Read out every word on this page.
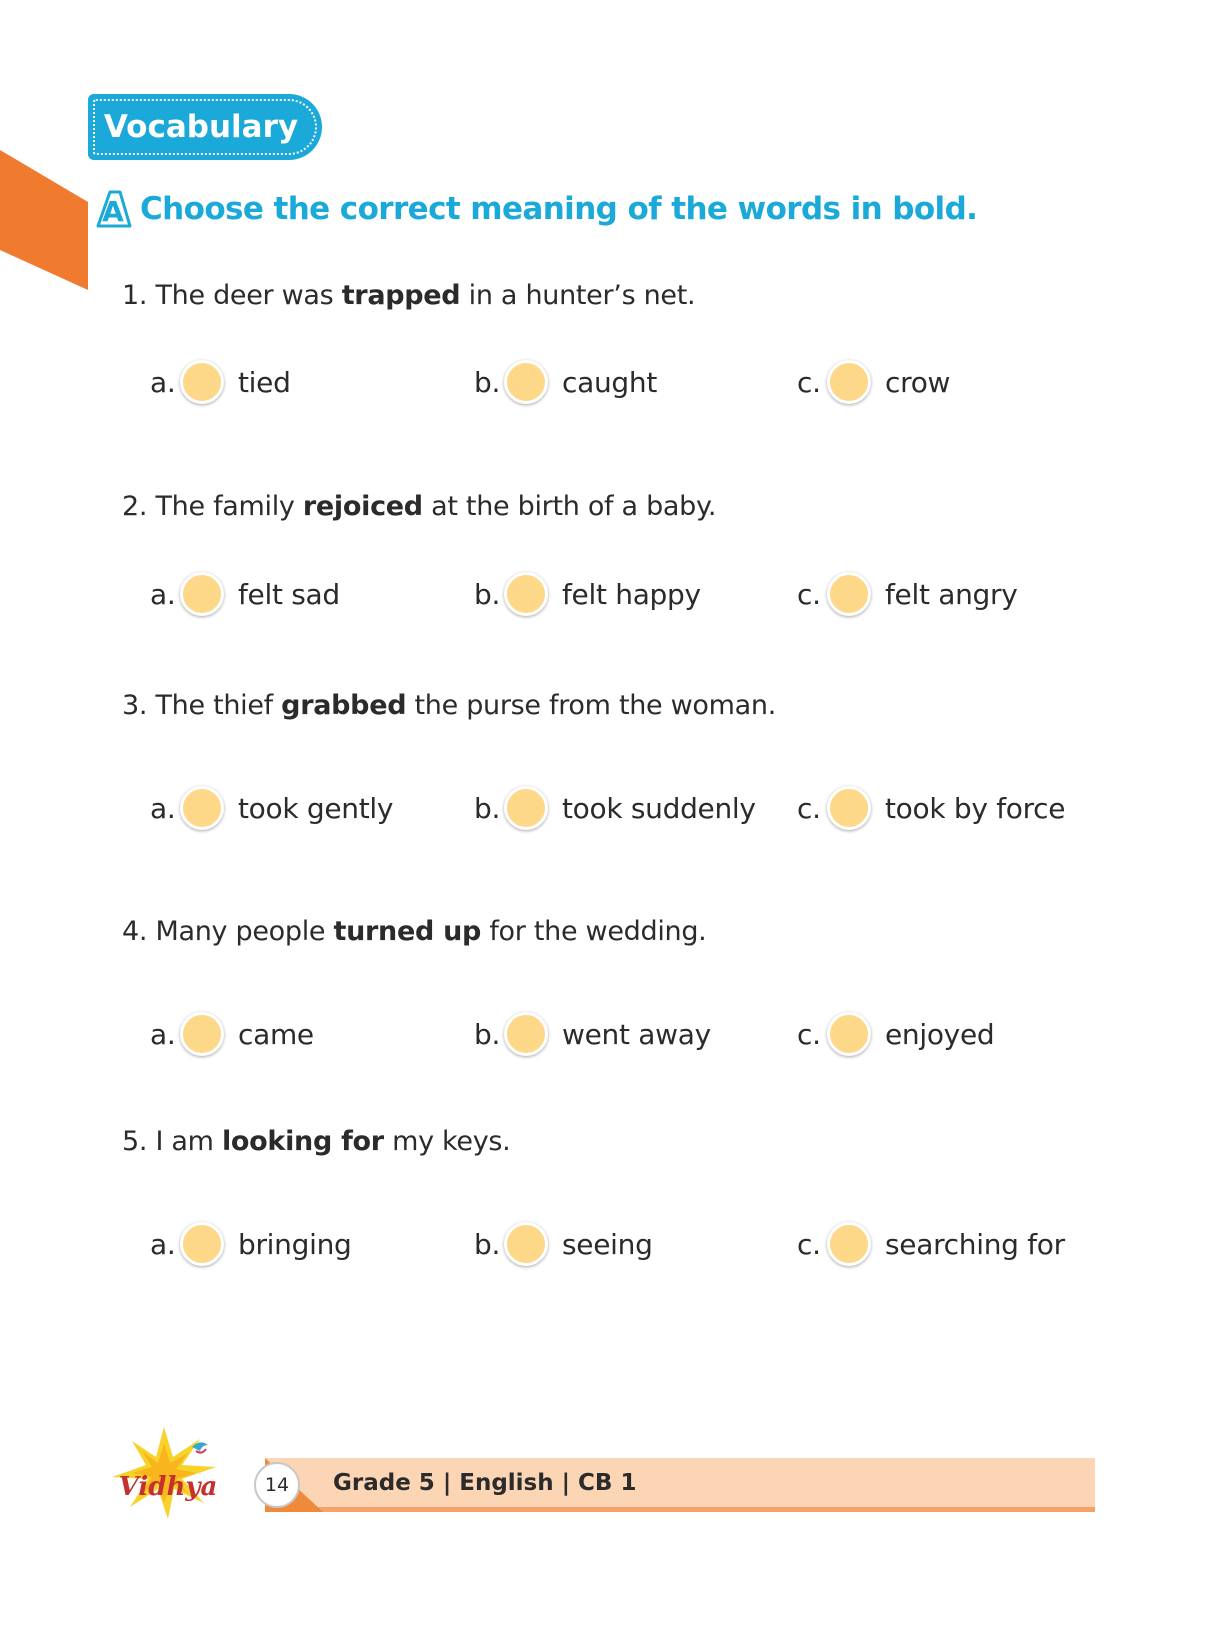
Vocabulary
A Choose the correct meaning of the words in bold.
1. The deer was trapped in a hunter’s net.
a. tied	b. caught	c. crow
2. The family rejoiced at the birth of a baby.
a. felt sad	b. felt happy	c. felt angry
3. The thief grabbed the purse from the woman.
a. took gently	b. took suddenly c. took by force
4. Many people turned up for the wedding.
a. came	b. went away	c. enjoyed
5. I am looking for my keys.
a. bringing	b. seeing	c. searching for
Vidhya	14 Grade 5 | English | CB 1
